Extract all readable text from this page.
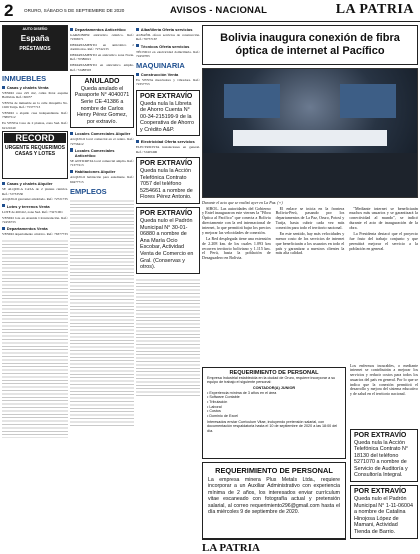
2 ORURO, SÁBADO 5 DE SEPTIEMBRE DE 2020	AVISOS - NACIONAL	LA PATRIA
AUTO DISEÑO
España
PRÉSTAMOS
INMUEBLES
Casas y chalets Venta
VENDO casa 225 m2, calles Petot esquina Ballivián. Ref.: 6005*
VENTA de inmueble en la calle Oruquilla No. 1026 Tarija. Ref.: 75377713
VENDO o alquilo casa independiente. Ref.: 73897512
En VENTA Casa de 2 plantas, zona Sud. Ref.: 62121040
RECORD
URGENTE REQUERIMOS CASAS Y LOTES
Casas y chalets Alquiler
SE ALQUILA CASA de 2 plantas céntrica. Ref.: 72733530
ALQUILO garzonier amoblado. Ref.: 72721735
Lotes y terrenos Venta
LOTE de 460 m2, zona Sud. Ref.: 73271001
VENDO lote en Avenida Circunvalación. Ref.: 72456733
Departamentos Venta
VENDO departamento céntrico. Ref.: 76377733
Departamentos Anticrético
GARZONIER anticrético céntrico. Ref.: 72366571
DEPARTAMENTO en anticrético 2 dormitorios. Ref.: 72742133
DEPARTAMENTO en anticrético zona Norte. Ref.: 70386021
DEPARTAMENTO en anticrético amplio. Ref.: 72488303
ANULADO
Queda anulado el Pasaporte N° 4040071 Serie CE-41386 a nombre de Carlos Henry Pérez Gomez, por extravío.
Locales Comerciales Alquiler
ALQUILO local comercial en el centro. Ref.: 72756412
Locales Comerciales Anticrético
SE ANTICRETA local comercial amplio. Ref.: 71377213
Habitaciones Alquiler
ALQUILO habitación para estudiante. Ref.: 60477715
EMPLEOS
Albañilería Oferta servicios
ALBAÑIL ofrece servicios de construcción. Ref.: 76757167
Técnicos Oferta servicios
TÉCNICO en electricidad domiciliaria. Ref.: 72450783
MAQUINARIA
Construcción Venta
En VENTA mezcladora y vibradora. Ref.: 72357753
POR EXTRAVÍO
Queda nula la Libreta de Ahorro Cuenta N° 00-34-215199-9 de la Cooperativa de Ahorro y Crédito A&P.
Electricidad Oferta servicios
ELECTRICISTA instalaciones en general. Ref.: 72405496
POR EXTRAVÍO
Queda nula la Acción Telefónica Contrato 7057 del teléfono 5254661 a nombre de Flores Pérez Antonio.
POR EXTRAVÍO
Queda nulo el Padrón Municipal N° 30-01-06880 a nombre de Ana María Ocio Escobar, Actividad Venta de Comercio en Gral. (Conservas y otros).
Bolivia inaugura conexión de fibra óptica de internet al Pacífico
Durante el acto que se realizó ayer en La Paz. (+)

SIBOL. Las autoridades del Gobierno y Entel inauguraron este viernes la "Fibra Óptica al Pacífico" que conecta a Bolivia directamente con la red internacional de internet, lo que permitirá bajar los precios y mejorar las velocidades de conexión.

La Red desplegada tiene una extensión de 2.208 km. de los cuales 1.093 km recorren territorio boliviano y 1.115 km. el Perú, hasta la población de Desaguadero en Bolivia.

El enlace se inicia en la frontera Bolivia-Perú, pasando por los departamentos de La Paz, Oruro, Potosí y Tarija, hasta cubrir cada vez más conexión para todo el territorio nacional.

En este sentido, hay más velocidades y menor costo de los servicios de internet que beneficiarán a los usuarios en todo el país y garantizar a nuestros clientes la más alta calidad.

"Mediante internet se beneficiarán muchos más usuarios y se garantizará la conectividad al mundo", se indicó durante el acto de inauguración de la obra.

La Presidenta destacó que el proyecto fue fruto del trabajo conjunto y que permitirá mejorar el servicio a la población en general.

REQUERIMIENTO DE PERSONAL
Empresa Industrial establecida en la ciudad de Oruro, requiere incorporar a su equipo de trabajo el siguiente personal:
CONTADOR(A) JUNIOR
• Experiencia mínima de 3 años en el área
• Software Contable
• Tributación
• Laboral
• Costos
• Dominio de Excel
Interesados enviar Curriculum Vitae, incluyendo pretensión salarial, con documentación respaldatoria hasta el 10 de septiembre de 2020 a las 18:00 del día.
REQUERIMIENTO DE PERSONAL
La empresa minera Plus Metals Ltda., requiere incorporar a un Auxiliar Administrativo con experiencia mínima de 2 años, los interesados enviar currículum vitae escaneado con fotografía actual y pretensión salarial, al correo requerimiento296@gmail.com hasta el día miércoles 9 de septiembre de 2020.
LA PATRIA
Los enfermos incurables, o mediante internet se contribuirán a mejorar los servicios y reducir costos para todos los usuarios del país en general. Por lo que se indica que la conexión permitirá el desarrollo y mejora del sistema educativo y de salud en el territorio nacional.
POR EXTRAVÍO
Queda nula la Acción Telefónica Contrato N° 18130 del teléfono 5271070 a nombre de Servicio de Auditoría y Consultoría Integral.
POR EXTRAVÍO
Queda nulo el Padrón Municipal N° 1-11-06004 a nombre de Catalina Hinojosa López de Mamani, Actividad Tienda de Barrio.
